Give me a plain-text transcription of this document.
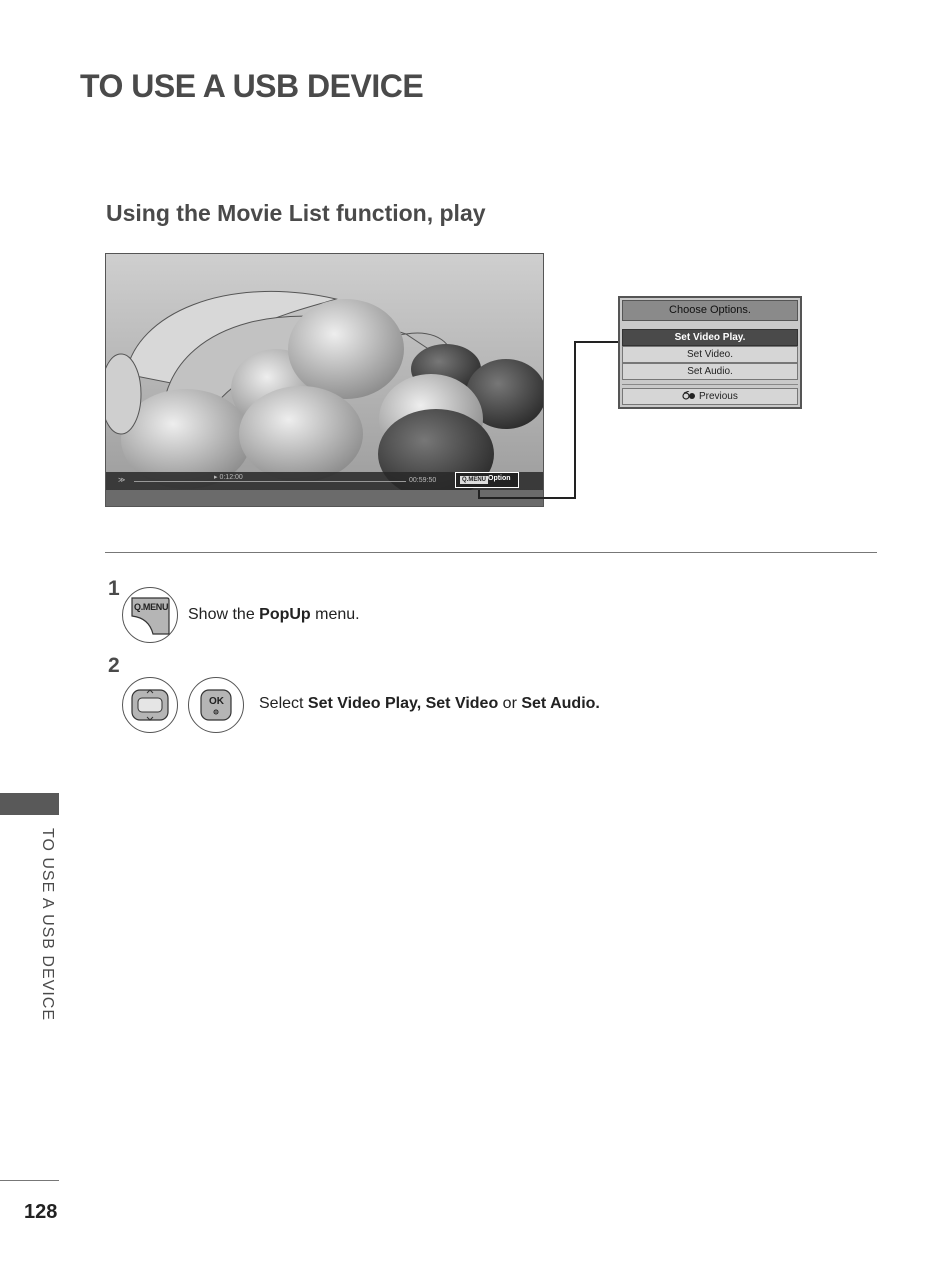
TO USE A USB DEVICE
Using the Movie List function, play
≫	▸ 0:12:00	00:59:50	Q.MENU Option
Choose Options.
Set Video Play.
Set Video.
Set Audio.
Previous
1
Q.MENU Show the PopUp menu.
2
OK Select Set Video Play, Set Video or Set Audio.
TO USE A USB DEVICE
128
